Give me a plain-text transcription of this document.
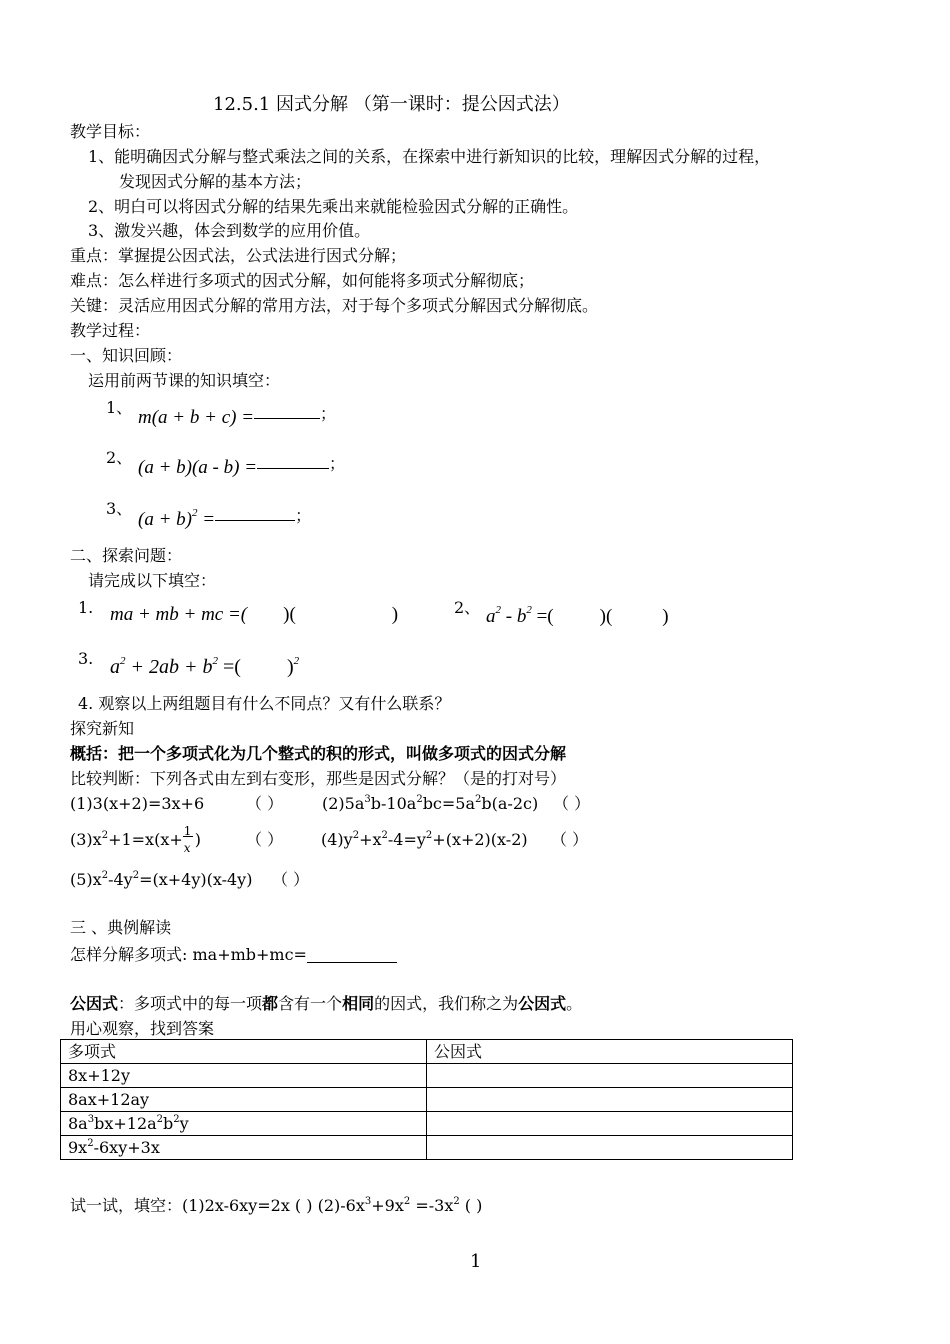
12.5.1 因式分解 （第一课时：提公因式法）
教学目标：
1、能明确因式分解与整式乘法之间的关系，在探索中进行新知识的比较，理解因式分解的过程，
发现因式分解的基本方法；
2、明白可以将因式分解的结果先乘出来就能检验因式分解的正确性。
3、激发兴趣，体会到数学的应用价值。
重点：掌握提公因式法，公式法进行因式分解；
难点：怎么样进行多项式的因式分解，如何能将多项式分解彻底；
关键：灵活应用因式分解的常用方法，对于每个多项式分解因式分解彻底。
教学过程：
一、知识回顾：
运用前两节课的知识填空：
1、 m(a + b + c) =	；
2、 (a + b)(a - b) =	；
3、
$(a + b)^2$ =	；
二、探索问题：
请完成以下填空：
1. ma + mb + mc =( )(	)	2、 $a^2 - b^2$ =( )(	)
3. $a^2 + 2ab + b^2$ =( )$^2$
4. 观察以上两组题目有什么不同点？又有什么联系？
探究新知
概括：把一个多项式化为几个整式的积的形式，叫做多项式的因式分解
比较判断：下列各式由左到右变形，那些是因式分解？（是的打对号）
(1)3(x+2)=3x+6	（ ） $(2)5a^3b-10a^2bc=5a^2b(a-2c)$ （ ）
$(3)x^2+1=x(x+ \frac{1}{x}$ )	（ ） $(4)y^2+x^2-4=y^2+(x+2)(x-2)$ （ ）
$(5)x^2-4y^2=(x+4y)(x-4y)$ （ ）
三 、典例解读
怎样分解多项式: ma+mb+mc=
公因式：多项式中的每一项都含有一个相同的因式，我们称之为公因式。
用心观察，找到答案
多项式	公因式
8x+12y	
8ax+12ay	
$8a^3bx+12a^2b^2y$	
$9x^2-6xy+3x$	
试一试，填空：(1)2x-6xy=2x ( ) $(2)-6x^3+9x^2 =-3x^2$ ( )
1
